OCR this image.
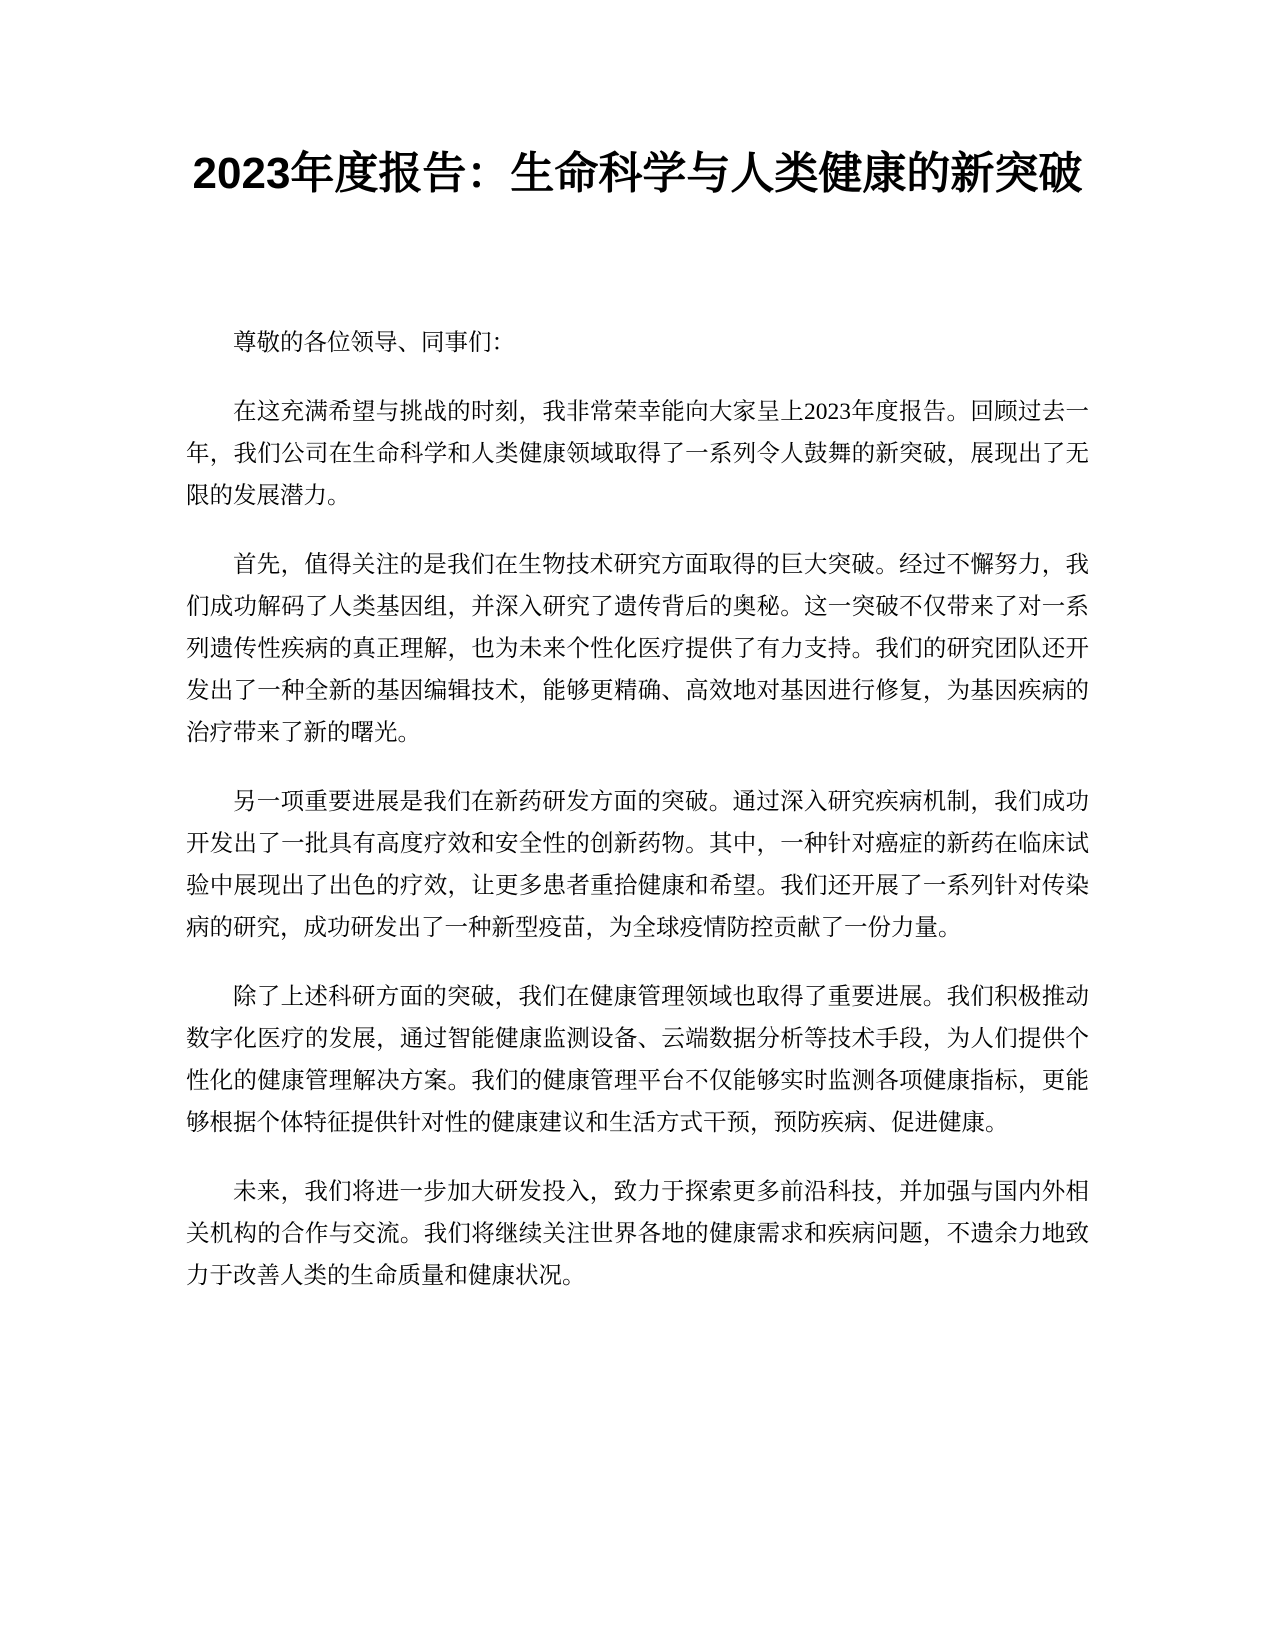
2023年度报告：生命科学与人类健康的新突破

尊敬的各位领导、同事们：

在这充满希望与挑战的时刻，我非常荣幸能向大家呈上2023年度报告。回顾过去一年，我们公司在生命科学和人类健康领域取得了一系列令人鼓舞的新突破，展现出了无限的发展潜力。

首先，值得关注的是我们在生物技术研究方面取得的巨大突破。经过不懈努力，我们成功解码了人类基因组，并深入研究了遗传背后的奥秘。这一突破不仅带来了对一系列遗传性疾病的真正理解，也为未来个性化医疗提供了有力支持。我们的研究团队还开发出了一种全新的基因编辑技术，能够更精确、高效地对基因进行修复，为基因疾病的治疗带来了新的曙光。

另一项重要进展是我们在新药研发方面的突破。通过深入研究疾病机制，我们成功开发出了一批具有高度疗效和安全性的创新药物。其中，一种针对癌症的新药在临床试验中展现出了出色的疗效，让更多患者重拾健康和希望。我们还开展了一系列针对传染病的研究，成功研发出了一种新型疫苗，为全球疫情防控贡献了一份力量。

除了上述科研方面的突破，我们在健康管理领域也取得了重要进展。我们积极推动数字化医疗的发展，通过智能健康监测设备、云端数据分析等技术手段，为人们提供个性化的健康管理解决方案。我们的健康管理平台不仅能够实时监测各项健康指标，更能够根据个体特征提供针对性的健康建议和生活方式干预，预防疾病、促进健康。

未来，我们将进一步加大研发投入，致力于探索更多前沿科技，并加强与国内外相关机构的合作与交流。我们将继续关注世界各地的健康需求和疾病问题，不遗余力地致力于改善人类的生命质量和健康状况。
